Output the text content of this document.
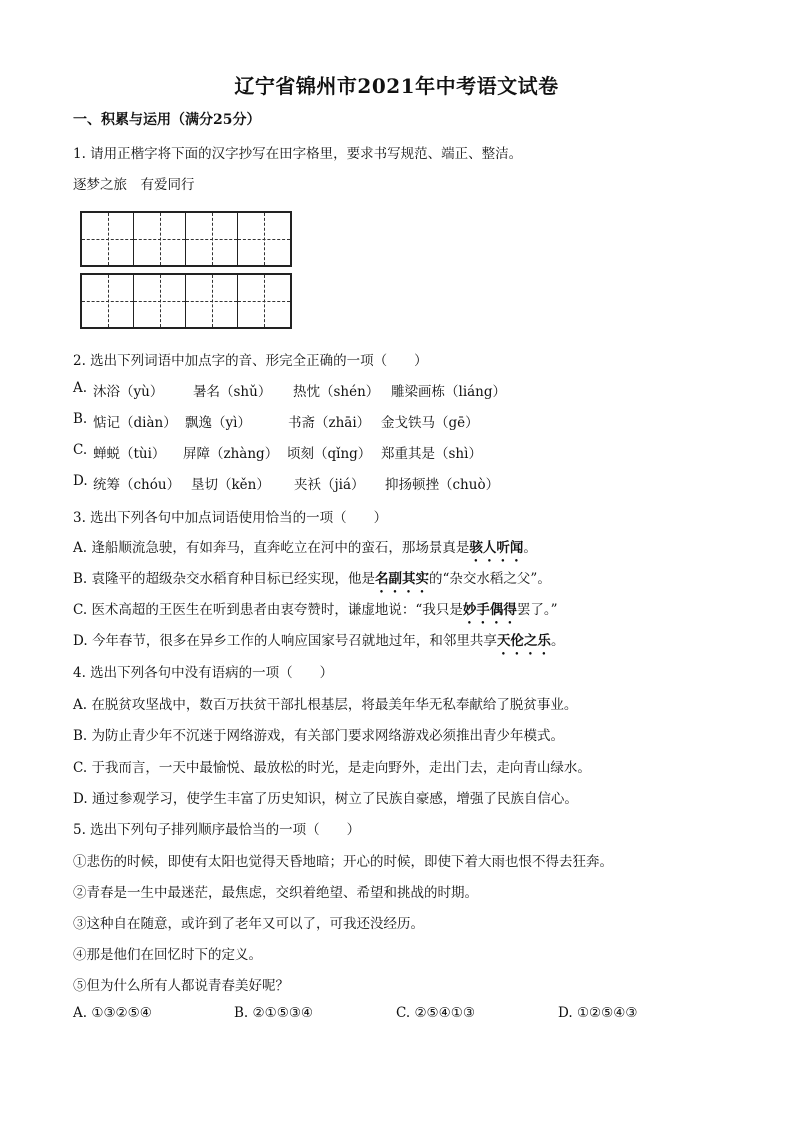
辽宁省锦州市2021年中考语文试卷
一、积累与运用（满分25分）
1. 请用正楷字将下面的汉字抄写在田字格里，要求书写规范、端正、整洁。
逐梦之旅　有爱同行
2. 选出下列词语中加点字的音、形完全正确的一项（　　）
A. 沐浴（yù） 暑名（shǔ） 热忱（shén） 雕梁画栋（liáng）
B. 惦记（diàn） 飘逸（yì）	书斋（zhāi） 金戈铁马（gē）
C. 蝉蜕（tùi） 屏障（zhàng） 顷刻（qǐng） 郑重其是（shì）
D. 统筹（chóu） 垦切（kěn） 夹袄（jiá） 抑扬顿挫（chuò）
3. 选出下列各句中加点词语使用恰当的一项（　　）
A. 逢船顺流急驶，有如奔马，直奔屹立在河中的蛮石，那场景真是骇人听闻。
B. 袁隆平的超级杂交水稻育种目标已经实现，他是名副其实的“杂交水稻之父”。
C. 医术高超的王医生在听到患者由衷夸赞时，谦虚地说：“我只是妙手偶得罢了。”
D. 今年春节，很多在异乡工作的人响应国家号召就地过年，和邻里共享天伦之乐。
4. 选出下列各句中没有语病的一项（　　）
A. 在脱贫攻坚战中，数百万扶贫干部扎根基层，将最美年华无私奉献给了脱贫事业。
B. 为防止青少年不沉迷于网络游戏，有关部门要求网络游戏必须推出青少年模式。
C. 于我而言，一天中最愉悦、最放松的时光，是走向野外，走出门去，走向青山绿水。
D. 通过参观学习，使学生丰富了历史知识，树立了民族自豪感，增强了民族自信心。
5. 选出下列句子排列顺序最恰当的一项（　　）
①悲伤的时候，即使有太阳也觉得天昏地暗；开心的时候，即使下着大雨也恨不得去狂奔。
②青春是一生中最迷茫，最焦虑，交织着绝望、希望和挑战的时期。
③这种自在随意，或许到了老年又可以了，可我还没经历。
④那是他们在回忆时下的定义。
⑤但为什么所有人都说青春美好呢？
A. ①③②⑤④	B. ②①⑤③④	C. ②⑤④①③	D. ①②⑤④③
